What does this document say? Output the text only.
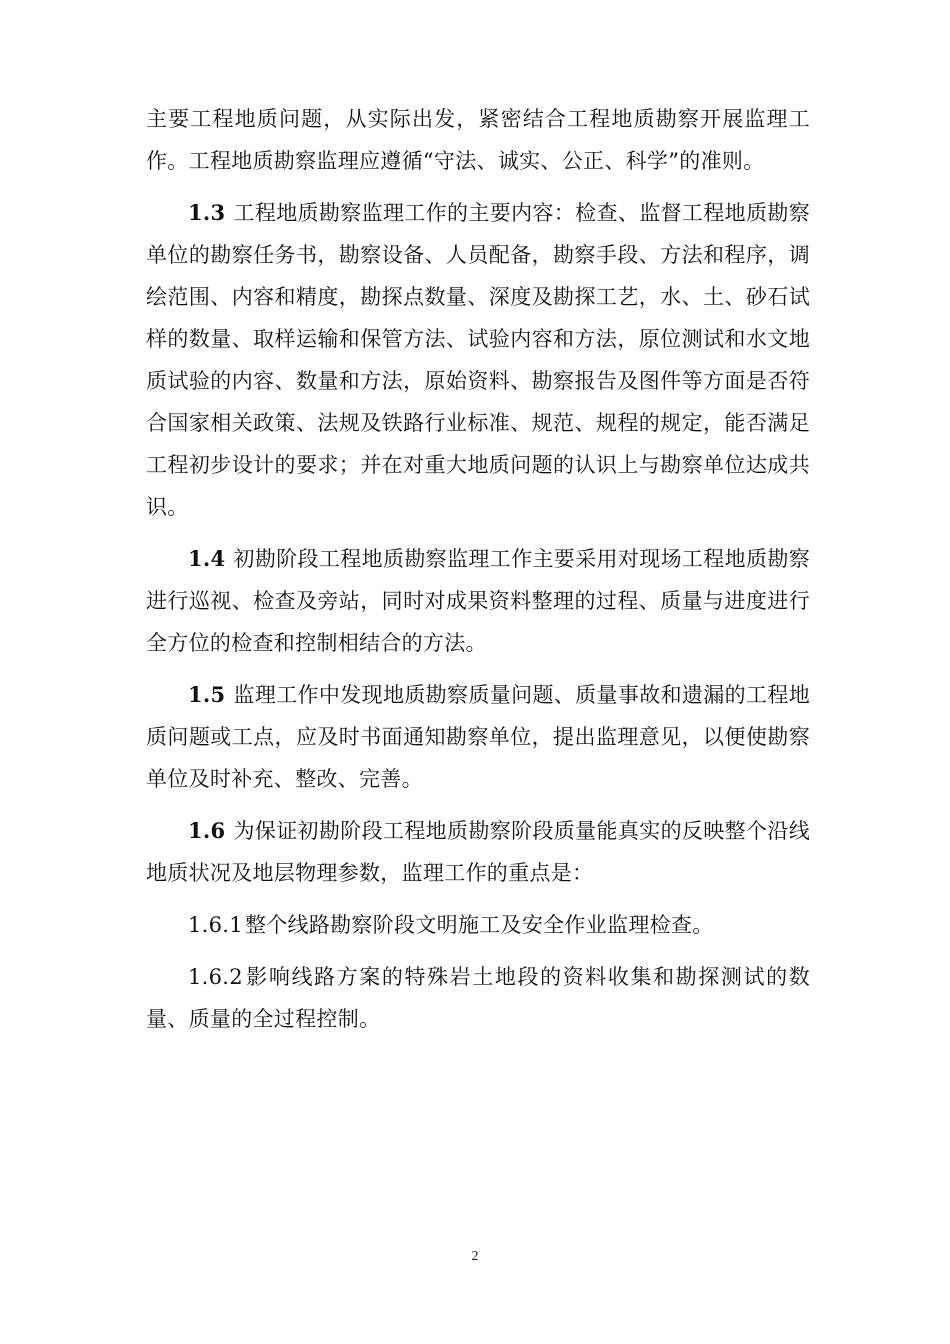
主要工程地质问题，从实际出发，紧密结合工程地质勘察开展监理工作。工程地质勘察监理应遵循“守法、诚实、公正、科学”的准则。

1.3 工程地质勘察监理工作的主要内容：检查、监督工程地质勘察单位的勘察任务书，勘察设备、人员配备，勘察手段、方法和程序，调绘范围、内容和精度，勘探点数量、深度及勘探工艺，水、土、砂石试样的数量、取样运输和保管方法、试验内容和方法，原位测试和水文地质试验的内容、数量和方法，原始资料、勘察报告及图件等方面是否符合国家相关政策、法规及铁路行业标准、规范、规程的规定，能否满足工程初步设计的要求；并在对重大地质问题的认识上与勘察单位达成共识。

1.4 初勘阶段工程地质勘察监理工作主要采用对现场工程地质勘察进行巡视、检查及旁站，同时对成果资料整理的过程、质量与进度进行全方位的检查和控制相结合的方法。

1.5 监理工作中发现地质勘察质量问题、质量事故和遗漏的工程地质问题或工点，应及时书面通知勘察单位，提出监理意见，以便使勘察单位及时补充、整改、完善。

1.6 为保证初勘阶段工程地质勘察阶段质量能真实的反映整个沿线地质状况及地层物理参数，监理工作的重点是：

1.6.1整个线路勘察阶段文明施工及安全作业监理检查。

1.6.2影响线路方案的特殊岩土地段的资料收集和勘探测试的数量、质量的全过程控制。

2
